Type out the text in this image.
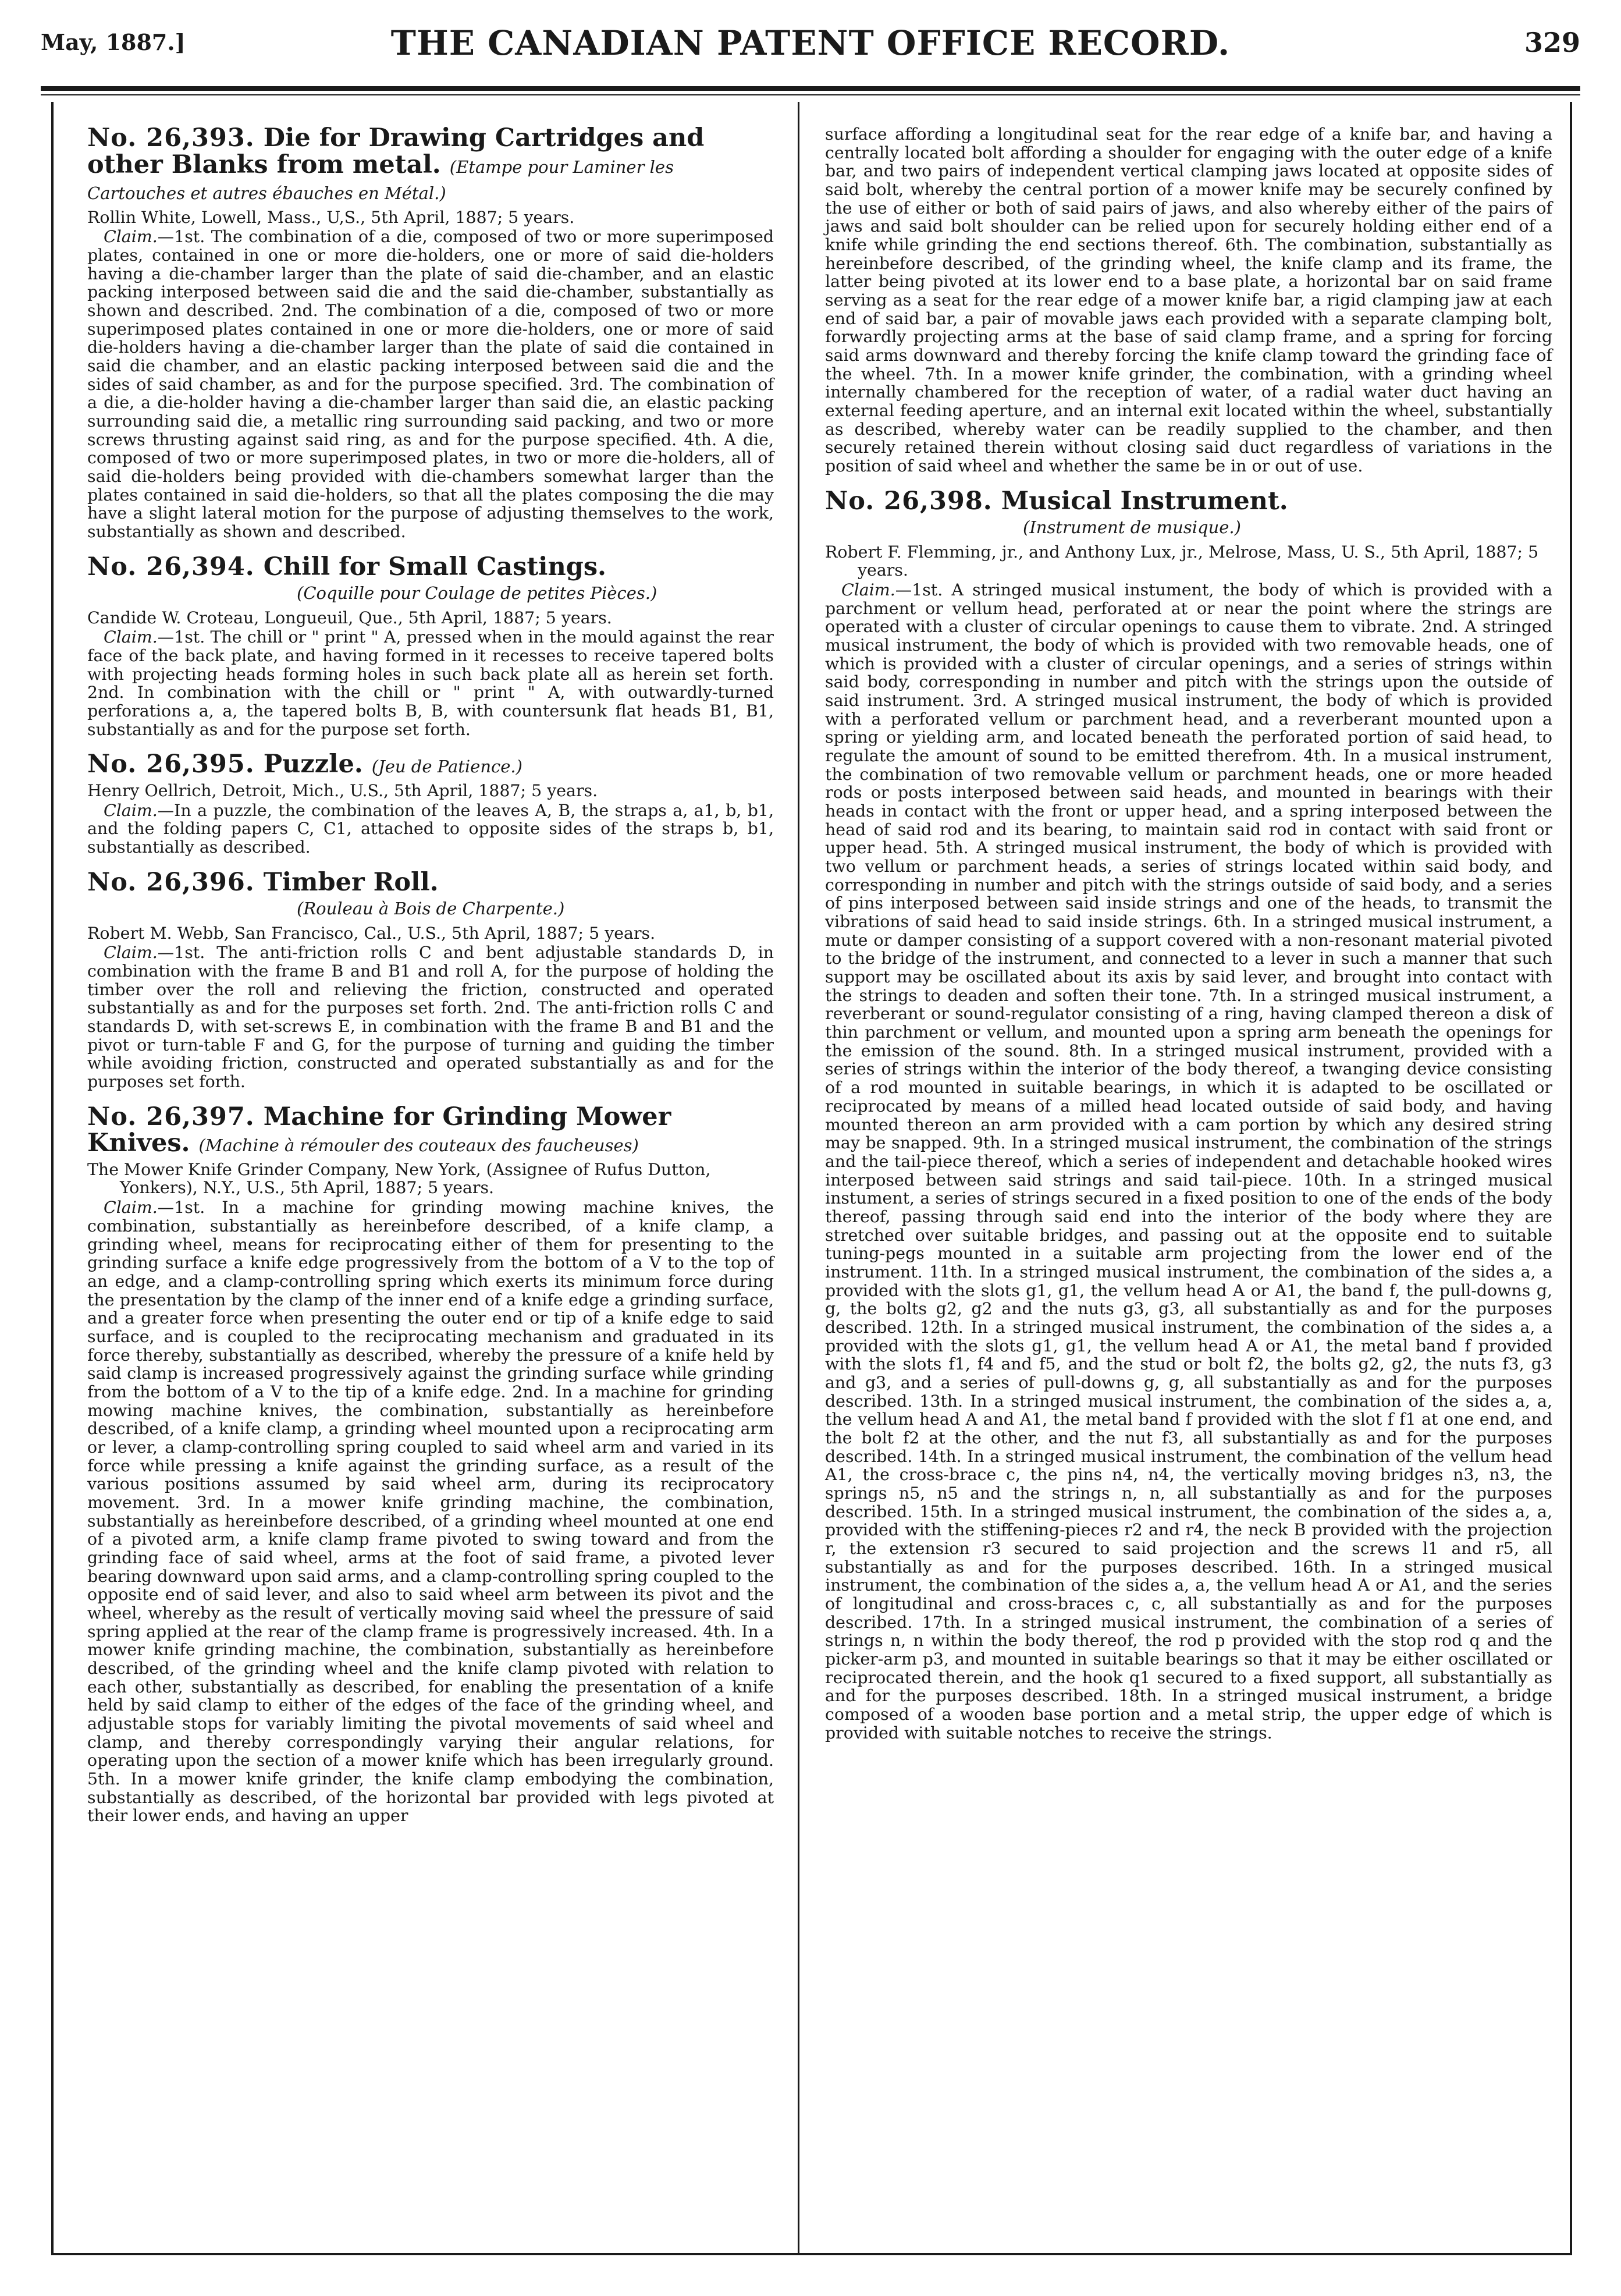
May, 1887.]	THE CANADIAN PATENT OFFICE RECORD.	329
No. 26,393. Die for Drawing Cartridges and other Blanks from metal. (Etampe pour Laminer les Cartouches et autres ébauches en Métal.)

Rollin White, Lowell, Mass., U,S., 5th April, 1887; 5 years.

Claim.—1st. The combination of a die, composed of two or more superimposed plates, contained in one or more die-holders, one or more of said die-holders having a die-chamber larger than the plate of said die-chamber, and an elastic packing interposed between said die and the said die-chamber, substantially as shown and described. 2nd. The combination of a die, composed of two or more superimposed plates contained in one or more die-holders, one or more of said die-holders having a die-chamber larger than the plate of said die contained in said die chamber, and an elastic packing interposed between said die and the sides of said chamber, as and for the purpose specified. 3rd. The combination of a die, a die-holder having a die-chamber larger than said die, an elastic packing surrounding said die, a metallic ring surrounding said packing, and two or more screws thrusting against said ring, as and for the purpose specified. 4th. A die, composed of two or more superimposed plates, in two or more die-holders, all of said die-holders being provided with die-chambers somewhat larger than the plates contained in said die-holders, so that all the plates composing the die may have a slight lateral motion for the purpose of adjusting themselves to the work, substantially as shown and described.

No. 26,394. Chill for Small Castings.
(Coquille pour Coulage de petites Pièces.)

Candide W. Croteau, Longueuil, Que., 5th April, 1887; 5 years.

Claim.—1st. The chill or " print " A, pressed when in the mould against the rear face of the back plate, and having formed in it recesses to receive tapered bolts with projecting heads forming holes in such back plate all as herein set forth. 2nd. In combination with the chill or " print " A, with outwardly-turned perforations a, a, the tapered bolts B, B, with countersunk flat heads B1, B1, substantially as and for the purpose set forth.

No. 26,395. Puzzle. (Jeu de Patience.)

Henry Oellrich, Detroit, Mich., U.S., 5th April, 1887; 5 years.

Claim.—In a puzzle, the combination of the leaves A, B, the straps a, a1, b, b1, and the folding papers C, C1, attached to opposite sides of the straps b, b1, substantially as described.

No. 26,396. Timber Roll.
(Rouleau à Bois de Charpente.)

Robert M. Webb, San Francisco, Cal., U.S., 5th April, 1887; 5 years.

Claim.—1st. The anti-friction rolls C and bent adjustable standards D, in combination with the frame B and B1 and roll A, for the purpose of holding the timber over the roll and relieving the friction, constructed and operated substantially as and for the purposes set forth. 2nd. The anti-friction rolls C and standards D, with set-screws E, in combination with the frame B and B1 and the pivot or turn-table F and G, for the purpose of turning and guiding the timber while avoiding friction, constructed and operated substantially as and for the purposes set forth.

No. 26,397. Machine for Grinding Mower Knives. (Machine à rémouler des couteaux des faucheuses)

The Mower Knife Grinder Company, New York, (Assignee of Rufus Dutton, Yonkers), N.Y., U.S., 5th April, 1887; 5 years.

Claim.—1st. In a machine for grinding mowing machine knives, the combination, substantially as hereinbefore described, of a knife clamp, a grinding wheel, means for reciprocating either of them for presenting to the grinding surface a knife edge progressively from the bottom of a V to the top of an edge, and a clamp-controlling spring which exerts its minimum force during the presentation by the clamp of the inner end of a knife edge a grinding surface, and a greater force when presenting the outer end or tip of a knife edge to said surface, and is coupled to the reciprocating mechanism and graduated in its force thereby, substantially as described, whereby the pressure of a knife held by said clamp is increased progressively against the grinding surface while grinding from the bottom of a V to the tip of a knife edge. 2nd. In a machine for grinding mowing machine knives, the combination, substantially as hereinbefore described, of a knife clamp, a grinding wheel mounted upon a reciprocating arm or lever, a clamp-controlling spring coupled to said wheel arm and varied in its force while pressing a knife against the grinding surface, as a result of the various positions assumed by said wheel arm, during its reciprocatory movement. 3rd. In a mower knife grinding machine, the combination, substantially as hereinbefore described, of a grinding wheel mounted at one end of a pivoted arm, a knife clamp frame pivoted to swing toward and from the grinding face of said wheel, arms at the foot of said frame, a pivoted lever bearing downward upon said arms, and a clamp-controlling spring coupled to the opposite end of said lever, and also to said wheel arm between its pivot and the wheel, whereby as the result of vertically moving said wheel the pressure of said spring applied at the rear of the clamp frame is progressively increased. 4th. In a mower knife grinding machine, the combination, substantially as hereinbefore described, of the grinding wheel and the knife clamp pivoted with relation to each other, substantially as described, for enabling the presentation of a knife held by said clamp to either of the edges of the face of the grinding wheel, and adjustable stops for variably limiting the pivotal movements of said wheel and clamp, and thereby correspondingly varying their angular relations, for operating upon the section of a mower knife which has been irregularly ground. 5th. In a mower knife grinder, the knife clamp embodying the combination, substantially as described, of the horizontal bar provided with legs pivoted at their lower ends, and having an upper

surface affording a longitudinal seat for the rear edge of a knife bar, and having a centrally located bolt affording a shoulder for engaging with the outer edge of a knife bar, and two pairs of independent vertical clamping jaws located at opposite sides of said bolt, whereby the central portion of a mower knife may be securely confined by the use of either or both of said pairs of jaws, and also whereby either of the pairs of jaws and said bolt shoulder can be relied upon for securely holding either end of a knife while grinding the end sections thereof. 6th. The combination, substantially as hereinbefore described, of the grinding wheel, the knife clamp and its frame, the latter being pivoted at its lower end to a base plate, a horizontal bar on said frame serving as a seat for the rear edge of a mower knife bar, a rigid clamping jaw at each end of said bar, a pair of movable jaws each provided with a separate clamping bolt, forwardly projecting arms at the base of said clamp frame, and a spring for forcing said arms downward and thereby forcing the knife clamp toward the grinding face of the wheel. 7th. In a mower knife grinder, the combination, with a grinding wheel internally chambered for the reception of water, of a radial water duct having an external feeding aperture, and an internal exit located within the wheel, substantially as described, whereby water can be readily supplied to the chamber, and then securely retained therein without closing said duct regardless of variations in the position of said wheel and whether the same be in or out of use.

No. 26,398. Musical Instrument.
(Instrument de musique.)

Robert F. Flemming, jr., and Anthony Lux, jr., Melrose, Mass, U. S., 5th April, 1887; 5 years.

Claim.—1st. A stringed musical instument, the body of which is provided with a parchment or vellum head, perforated at or near the point where the strings are operated with a cluster of circular openings to cause them to vibrate. 2nd. A stringed musical instrument, the body of which is provided with two removable heads, one of which is provided with a cluster of circular openings, and a series of strings within said body, corresponding in number and pitch with the strings upon the outside of said instrument. 3rd. A stringed musical instrument, the body of which is provided with a perforated vellum or parchment head, and a reverberant mounted upon a spring or yielding arm, and located beneath the perforated portion of said head, to regulate the amount of sound to be emitted therefrom. 4th. In a musical instrument, the combination of two removable vellum or parchment heads, one or more headed rods or posts interposed between said heads, and mounted in bearings with their heads in contact with the front or upper head, and a spring interposed between the head of said rod and its bearing, to maintain said rod in contact with said front or upper head. 5th. A stringed musical instrument, the body of which is provided with two vellum or parchment heads, a series of strings located within said body, and corresponding in number and pitch with the strings outside of said body, and a series of pins interposed between said inside strings and one of the heads, to transmit the vibrations of said head to said inside strings. 6th. In a stringed musical instrument, a mute or damper consisting of a support covered with a non-resonant material pivoted to the bridge of the instrument, and connected to a lever in such a manner that such support may be oscillated about its axis by said lever, and brought into contact with the strings to deaden and soften their tone. 7th. In a stringed musical instrument, a reverberant or sound-regulator consisting of a ring, having clamped thereon a disk of thin parchment or vellum, and mounted upon a spring arm beneath the openings for the emission of the sound. 8th. In a stringed musical instrument, provided with a series of strings within the interior of the body thereof, a twanging device consisting of a rod mounted in suitable bearings, in which it is adapted to be oscillated or reciprocated by means of a milled head located outside of said body, and having mounted thereon an arm provided with a cam portion by which any desired string may be snapped. 9th. In a stringed musical instrument, the combination of the strings and the tail-piece thereof, which a series of independent and detachable hooked wires interposed between said strings and said tail-piece. 10th. In a stringed musical instument, a series of strings secured in a fixed position to one of the ends of the body thereof, passing through said end into the interior of the body where they are stretched over suitable bridges, and passing out at the opposite end to suitable tuning-pegs mounted in a suitable arm projecting from the lower end of the instrument. 11th. In a stringed musical instrument, the combination of the sides a, a provided with the slots g1, g1, the vellum head A or A1, the band f, the pull-downs g, g, the bolts g2, g2 and the nuts g3, g3, all substantially as and for the purposes described. 12th. In a stringed musical instrument, the combination of the sides a, a provided with the slots g1, g1, the vellum head A or A1, the metal band f provided with the slots f1, f4 and f5, and the stud or bolt f2, the bolts g2, g2, the nuts f3, g3 and g3, and a series of pull-downs g, g, all substantially as and for the purposes described. 13th. In a stringed musical instrument, the combination of the sides a, a, the vellum head A and A1, the metal band f provided with the slot f f1 at one end, and the bolt f2 at the other, and the nut f3, all substantially as and for the purposes described. 14th. In a stringed musical instrument, the combination of the vellum head A1, the cross-brace c, the pins n4, n4, the vertically moving bridges n3, n3, the springs n5, n5 and the strings n, n, all substantially as and for the purposes described. 15th. In a stringed musical instrument, the combination of the sides a, a, provided with the stiffening-pieces r2 and r4, the neck B provided with the projection r, the extension r3 secured to said projection and the screws l1 and r5, all substantially as and for the purposes described. 16th. In a stringed musical instrument, the combination of the sides a, a, the vellum head A or A1, and the series of longitudinal and cross-braces c, c, all substantially as and for the purposes described. 17th. In a stringed musical instrument, the combination of a series of strings n, n within the body thereof, the rod p provided with the stop rod q and the picker-arm p3, and mounted in suitable bearings so that it may be either oscillated or reciprocated therein, and the hook q1 secured to a fixed support, all substantially as and for the purposes described. 18th. In a stringed musical instrument, a bridge composed of a wooden base portion and a metal strip, the upper edge of which is provided with suitable notches to receive the strings.
